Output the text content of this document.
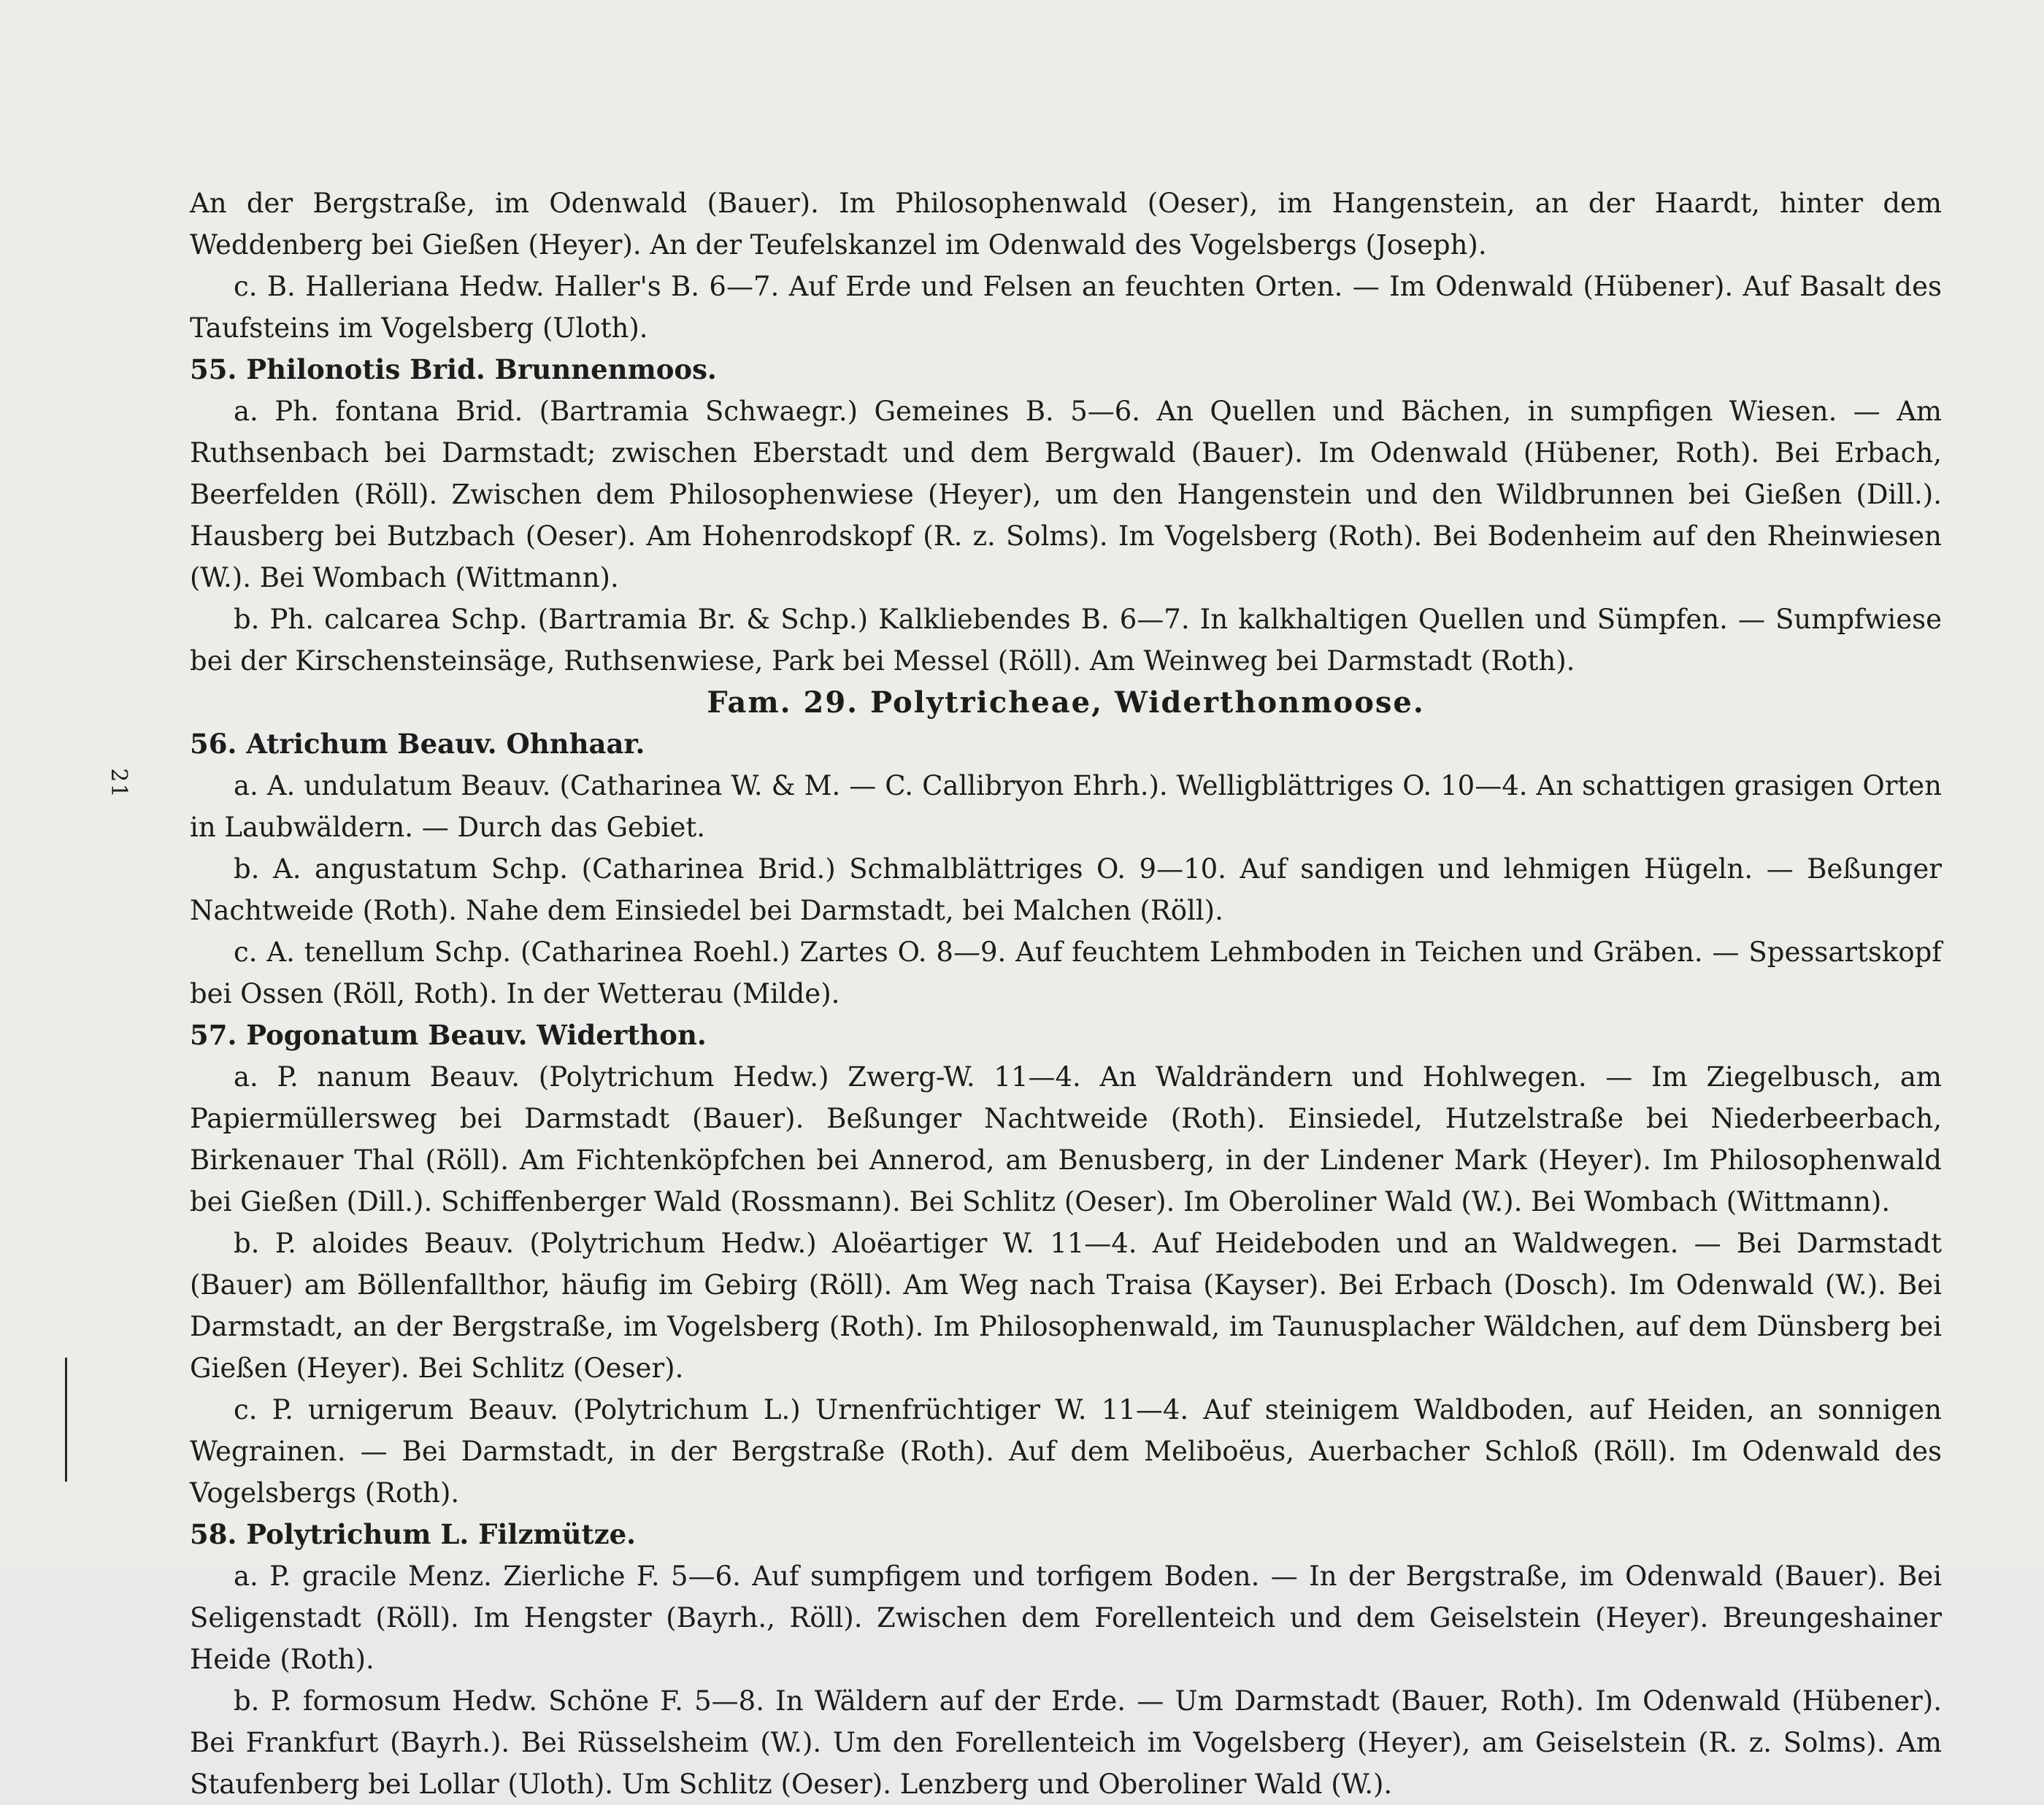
21

An der Bergstraße, im Odenwald (Bauer). Im Philosophenwald (Oeser), im Hangenstein, an der Haardt, hinter dem Weddenberg bei Gießen (Heyer). An der Teufelskanzel im Odenwald des Vogelsbergs (Joseph).

c. B. Halleriana Hedw. Haller's B. 6—7. Auf Erde und Felsen an feuchten Orten. — Im Odenwald (Hübener). Auf Basalt des Taufsteins im Vogelsberg (Uloth).

55. Philonotis Brid. Brunnenmoos.

a. Ph. fontana Brid. (Bartramia Schwaegr.) Gemeines B. 5—6. An Quellen und Bächen, in sumpfigen Wiesen. — Am Ruthsenbach bei Darmstadt; zwischen Eberstadt und dem Bergwald (Bauer). Im Odenwald (Hübener, Roth). Bei Erbach, Beerfelden (Röll). Zwischen dem Philosophenwiese (Heyer), um den Hangenstein und den Wildbrunnen bei Gießen (Dill.). Hausberg bei Butzbach (Oeser). Am Hohenrodskopf (R. z. Solms). Im Vogelsberg (Roth). Bei Bodenheim auf den Rheinwiesen (W.). Bei Wombach (Wittmann).

b. Ph. calcarea Schp. (Bartramia Br. & Schp.) Kalkliebendes B. 6—7. In kalkhaltigen Quellen und Sümpfen. — Sumpfwiese bei der Kirschensteinsäge, Ruthsenwiese, Park bei Messel (Röll). Am Weinweg bei Darmstadt (Roth).

Fam. 29. Polytricheae, Widerthonmoose.

56. Atrichum Beauv. Ohnhaar.

a. A. undulatum Beauv. (Catharinea W. & M. — C. Callibryon Ehrh.). Welligblättriges O. 10—4. An schattigen grasigen Orten in Laubwäldern. — Durch das Gebiet.

b. A. angustatum Schp. (Catharinea Brid.) Schmalblättriges O. 9—10. Auf sandigen und lehmigen Hügeln. — Beßunger Nachtweide (Roth). Nahe dem Einsiedel bei Darmstadt, bei Malchen (Röll).

c. A. tenellum Schp. (Catharinea Roehl.) Zartes O. 8—9. Auf feuchtem Lehmboden in Teichen und Gräben. — Spessartskopf bei Ossen (Röll, Roth). In der Wetterau (Milde).

57. Pogonatum Beauv. Widerthon.

a. P. nanum Beauv. (Polytrichum Hedw.) Zwerg-W. 11—4. An Waldrändern und Hohlwegen. — Im Ziegelbusch, am Papiermüllersweg bei Darmstadt (Bauer). Beßunger Nachtweide (Roth). Einsiedel, Hutzelstraße bei Niederbeerbach, Birkenauer Thal (Röll). Am Fichtenköpfchen bei Annerod, am Benusberg, in der Lindener Mark (Heyer). Im Philosophenwald bei Gießen (Dill.). Schiffenberger Wald (Rossmann). Bei Schlitz (Oeser). Im Oberoliner Wald (W.). Bei Wombach (Wittmann).

b. P. aloides Beauv. (Polytrichum Hedw.) Aloëartiger W. 11—4. Auf Heideboden und an Waldwegen. — Bei Darmstadt (Bauer) am Böllenfallthor, häufig im Gebirg (Röll). Am Weg nach Traisa (Kayser). Bei Erbach (Dosch). Im Odenwald (W.). Bei Darmstadt, an der Bergstraße, im Vogelsberg (Roth). Im Philosophenwald, im Taunusplacher Wäldchen, auf dem Dünsberg bei Gießen (Heyer). Bei Schlitz (Oeser).

c. P. urnigerum Beauv. (Polytrichum L.) Urnenfrüchtiger W. 11—4. Auf steinigem Waldboden, auf Heiden, an sonnigen Wegrainen. — Bei Darmstadt, in der Bergstraße (Roth). Auf dem Meliboëus, Auerbacher Schloß (Röll). Im Odenwald des Vogelsbergs (Roth).

58. Polytrichum L. Filzmütze.

a. P. gracile Menz. Zierliche F. 5—6. Auf sumpfigem und torfigem Boden. — In der Bergstraße, im Odenwald (Bauer). Bei Seligenstadt (Röll). Im Hengster (Bayrh., Röll). Zwischen dem Forellenteich und dem Geiselstein (Heyer). Breungeshainer Heide (Roth).

b. P. formosum Hedw. Schöne F. 5—8. In Wäldern auf der Erde. — Um Darmstadt (Bauer, Roth). Im Odenwald (Hübener). Bei Frankfurt (Bayrh.). Bei Rüsselsheim (W.). Um den Forellenteich im Vogelsberg (Heyer), am Geiselstein (R. z. Solms). Am Staufenberg bei Lollar (Uloth). Um Schlitz (Oeser). Lenzberg und Oberoliner Wald (W.).
